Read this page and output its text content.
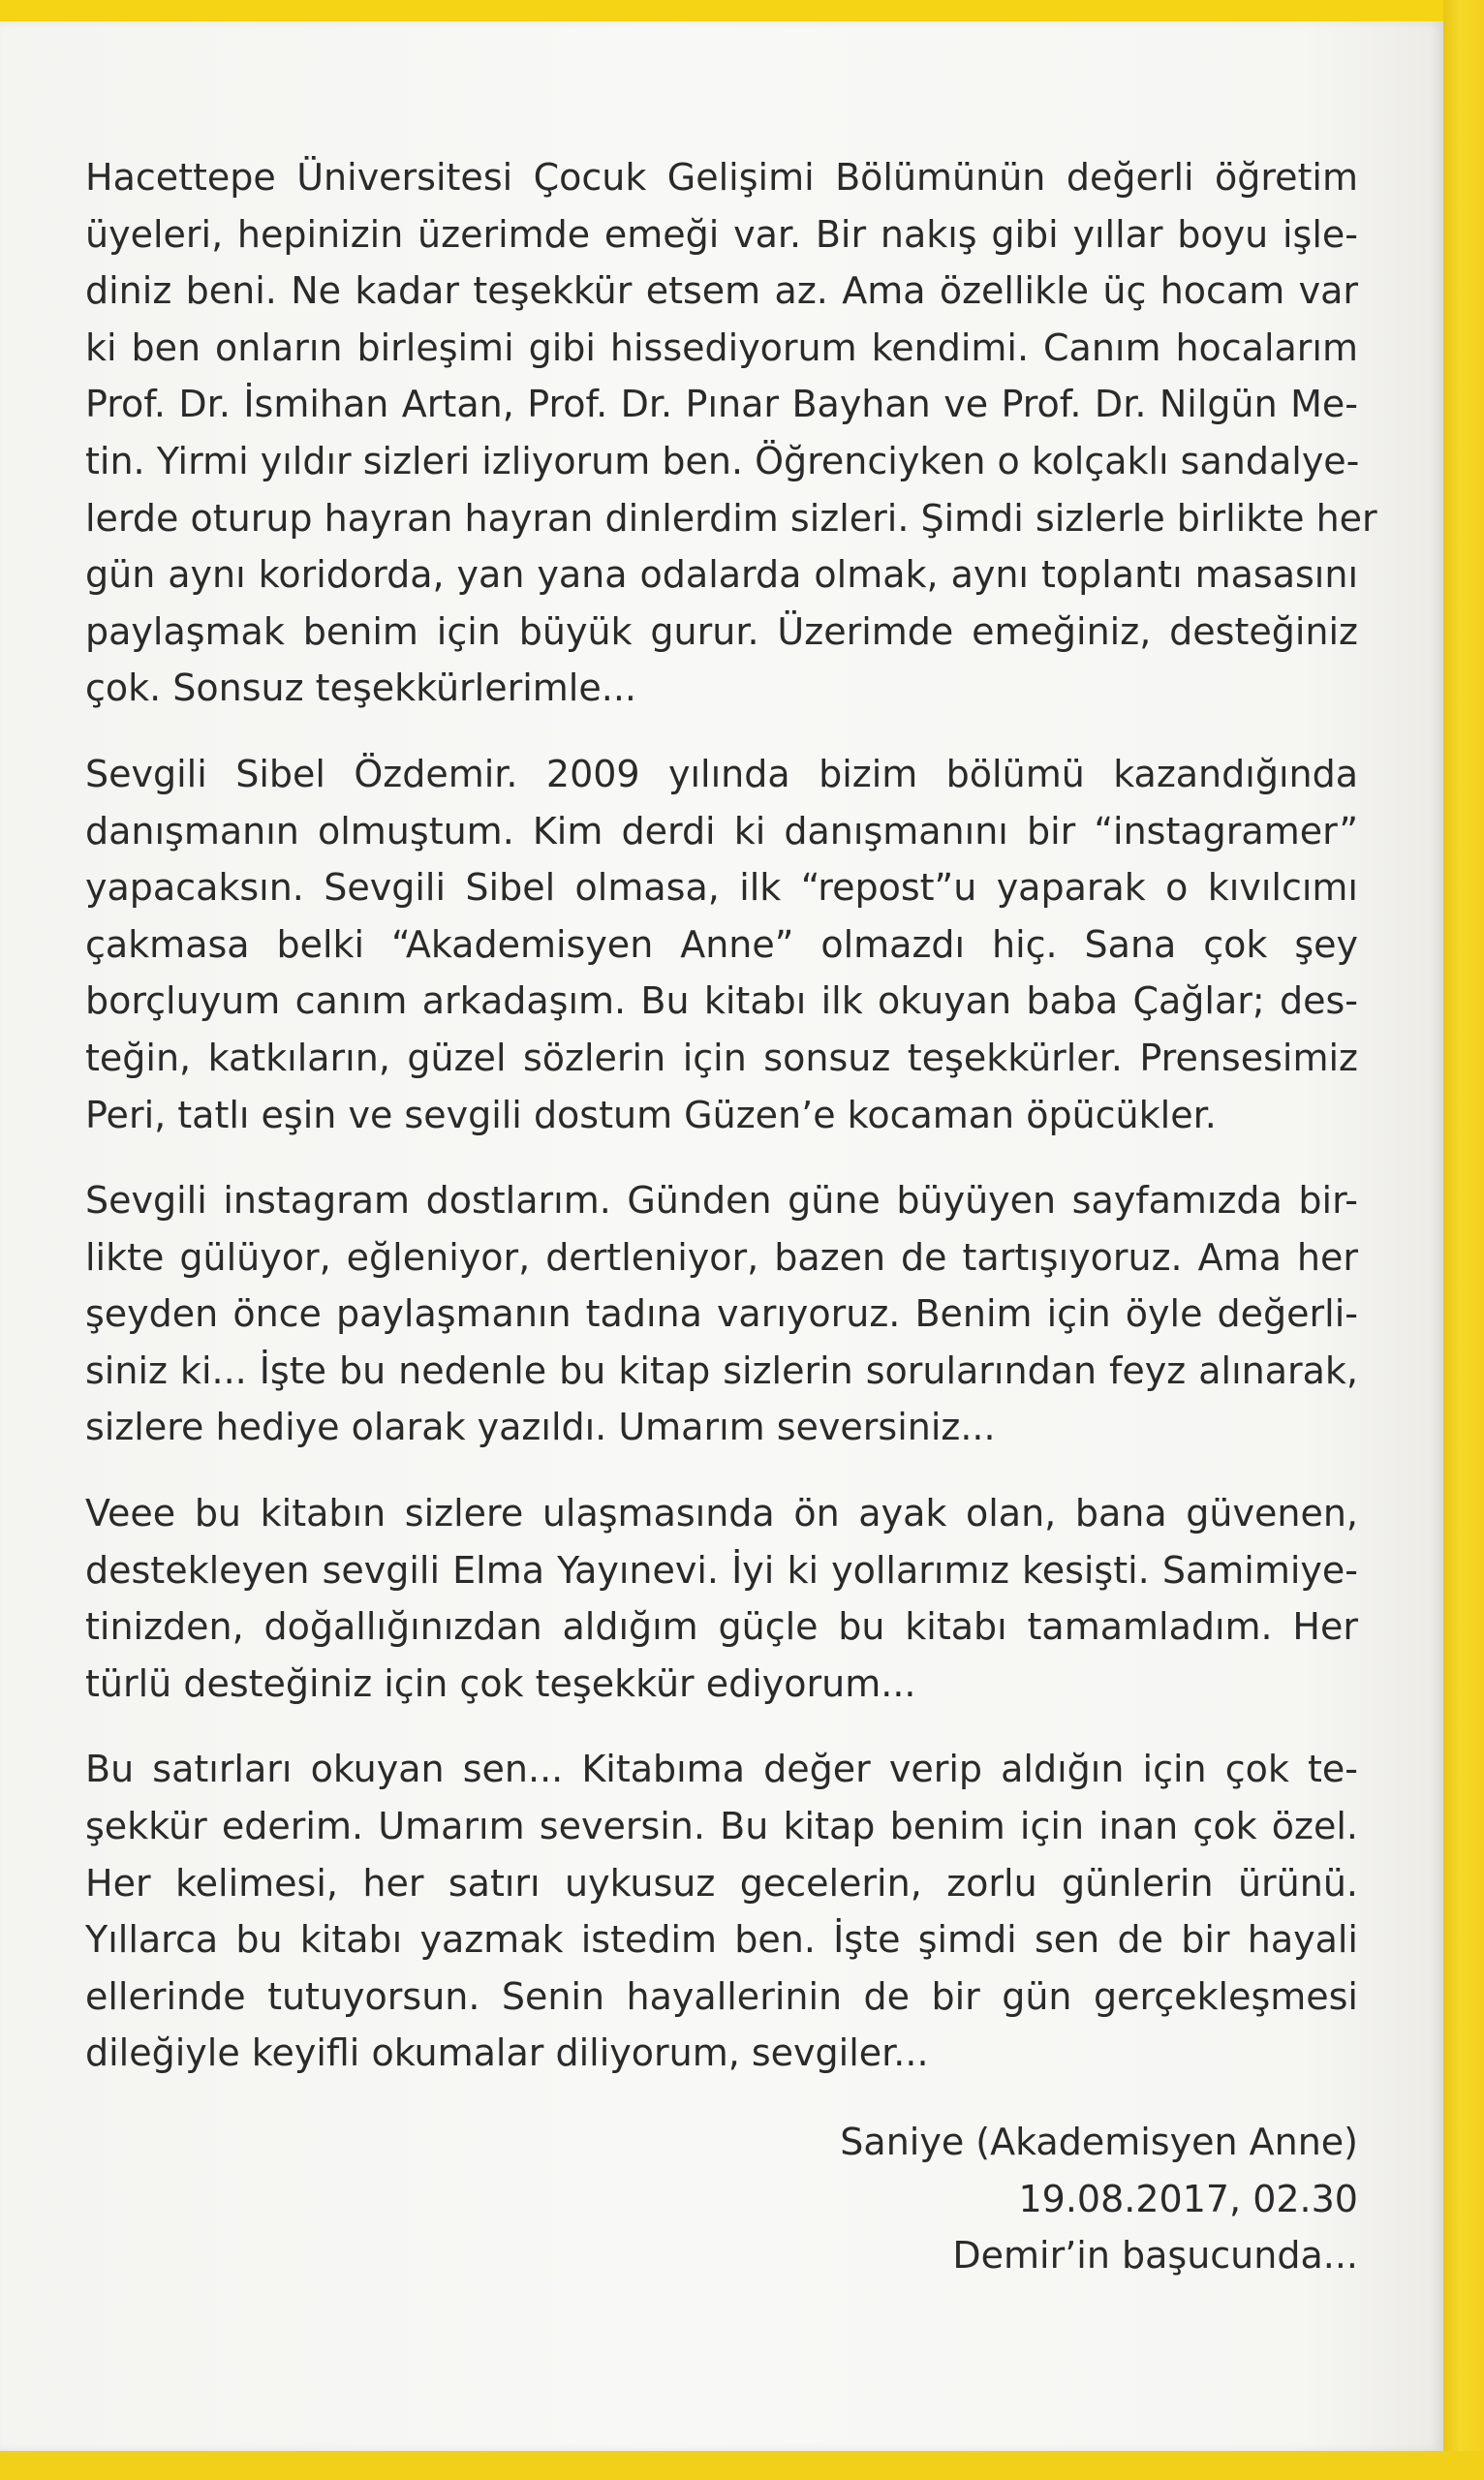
Hacettepe Üniversitesi Çocuk Gelişimi Bölümünün değerli öğretim
üyeleri, hepinizin üzerimde emeği var. Bir nakış gibi yıllar boyu işle-
diniz beni. Ne kadar teşekkür etsem az. Ama özellikle üç hocam var
ki ben onların birleşimi gibi hissediyorum kendimi. Canım hocalarım
Prof. Dr. İsmihan Artan, Prof. Dr. Pınar Bayhan ve Prof. Dr. Nilgün Me-
tin. Yirmi yıldır sizleri izliyorum ben. Öğrenciyken o kolçaklı sandalye-
lerde oturup hayran hayran dinlerdim sizleri. Şimdi sizlerle birlikte her
gün aynı koridorda, yan yana odalarda olmak, aynı toplantı masasını
paylaşmak benim için büyük gurur. Üzerimde emeğiniz, desteğiniz
çok. Sonsuz teşekkürlerimle...
Sevgili Sibel Özdemir. 2009 yılında bizim bölümü kazandığında
danışmanın olmuştum. Kim derdi ki danışmanını bir “instagramer”
yapacaksın. Sevgili Sibel olmasa, ilk “repost”u yaparak o kıvılcımı
çakmasa belki “Akademisyen Anne” olmazdı hiç. Sana çok şey
borçluyum canım arkadaşım. Bu kitabı ilk okuyan baba Çağlar; des-
teğin, katkıların, güzel sözlerin için sonsuz teşekkürler. Prensesimiz
Peri, tatlı eşin ve sevgili dostum Güzen’e kocaman öpücükler.
Sevgili instagram dostlarım. Günden güne büyüyen sayfamızda bir-
likte gülüyor, eğleniyor, dertleniyor, bazen de tartışıyoruz. Ama her
şeyden önce paylaşmanın tadına varıyoruz. Benim için öyle değerli-
siniz ki... İşte bu nedenle bu kitap sizlerin sorularından feyz alınarak,
sizlere hediye olarak yazıldı. Umarım seversiniz...
Veee bu kitabın sizlere ulaşmasında ön ayak olan, bana güvenen,
destekleyen sevgili Elma Yayınevi. İyi ki yollarımız kesişti. Samimiye-
tinizden, doğallığınızdan aldığım güçle bu kitabı tamamladım. Her
türlü desteğiniz için çok teşekkür ediyorum...
Bu satırları okuyan sen... Kitabıma değer verip aldığın için çok te-
şekkür ederim. Umarım seversin. Bu kitap benim için inan çok özel.
Her kelimesi, her satırı uykusuz gecelerin, zorlu günlerin ürünü.
Yıllarca bu kitabı yazmak istedim ben. İşte şimdi sen de bir hayali
ellerinde tutuyorsun. Senin hayallerinin de bir gün gerçekleşmesi
dileğiyle keyifli okumalar diliyorum, sevgiler...
Saniye (Akademisyen Anne)
19.08.2017, 02.30
Demir’in başucunda...
